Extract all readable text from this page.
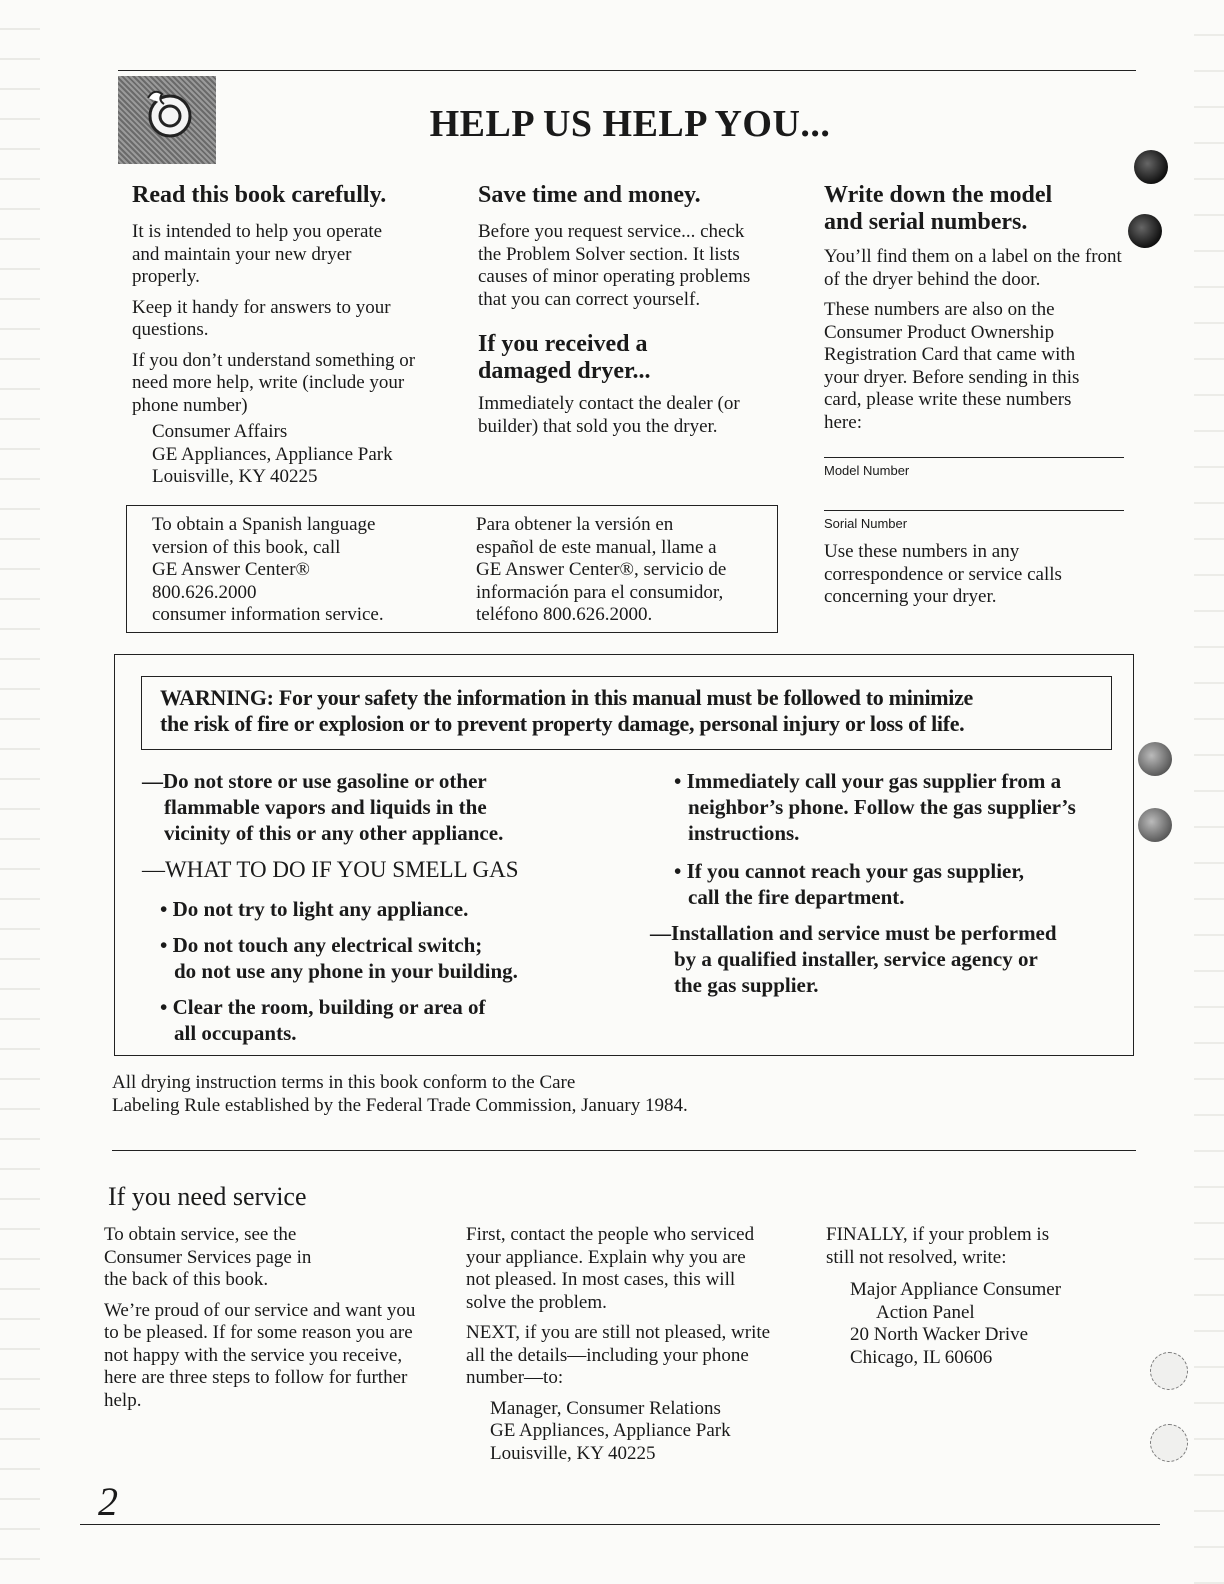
HELP US HELP YOU...
Read this book carefully.

It is intended to help you operate and maintain your new dryer properly.

Keep it handy for answers to your questions.

If you don’t understand something or need more help, write (include your phone number)

Consumer Affairs
GE Appliances, Appliance Park
Louisville, KY 40225
Save time and money.

Before you request service... check the Problem Solver section. It lists causes of minor operating problems that you can correct yourself.

If you received a damaged dryer...

Immediately contact the dealer (or builder) that sold you the dryer.

Write down the model and serial numbers.

You’ll find them on a label on the front of the dryer behind the door.

These numbers are also on the Consumer Product Ownership Registration Card that came with your dryer. Before sending in this card, please write these numbers here:

Model Number
Sorial Number
Use these numbers in any correspondence or service calls concerning your dryer.
To obtain a Spanish language
version of this book, call
GE Answer Center®
800.626.2000
consumer information service.
Para obtener la versión en
español de este manual, llame a
GE Answer Center®, servicio de
información para el consumidor,
teléfono 800.626.2000.
WARNING: For your safety the information in this manual must be followed to minimize
the risk of fire or explosion or to prevent property damage, personal injury or loss of life.
—Do not store or use gasoline or other
flammable vapors and liquids in the
vicinity of this or any other appliance.
—WHAT TO DO IF YOU SMELL GAS
• Do not try to light any appliance.
• Do not touch any electrical switch;
do not use any phone in your building.
• Clear the room, building or area of
all occupants.
• Immediately call your gas supplier from a
neighbor’s phone. Follow the gas supplier’s
instructions.
• If you cannot reach your gas supplier,
call the fire department.
—Installation and service must be performed
by a qualified installer, service agency or
the gas supplier.
All drying instruction terms in this book conform to the Care
Labeling Rule established by the Federal Trade Commission, January 1984.
If you need service

To obtain service, see the Consumer Services page in the back of this book.

We’re proud of our service and want you to be pleased. If for some reason you are not happy with the service you receive, here are three steps to follow for further help.

First, contact the people who serviced your appliance. Explain why you are not pleased. In most cases, this will solve the problem.

NEXT, if you are still not pleased, write all the details—including your phone number—to:

Manager, Consumer Relations
GE Appliances, Appliance Park
Louisville, KY 40225

FINALLY, if your problem is still not resolved, write:

Major Appliance Consumer
Action Panel
20 North Wacker Drive
Chicago, IL 60606
2
